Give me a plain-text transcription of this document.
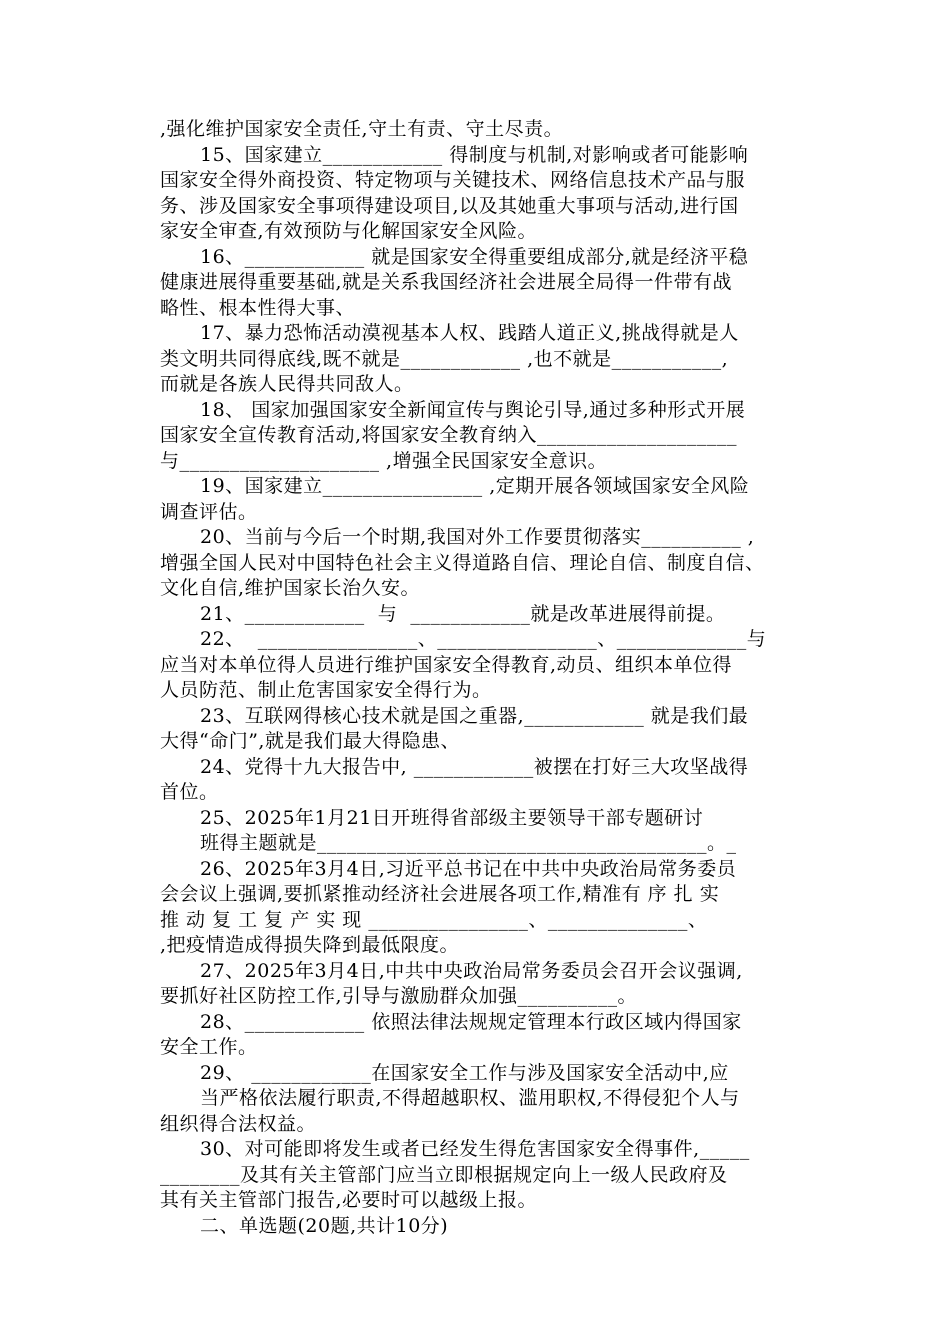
,强化维护国家安全责任,守土有责、守土尽责。
15、国家建立____________ 得制度与机制,对影响或者可能影响
国家安全得外商投资、特定物项与关键技术、网络信息技术产品与服
务、涉及国家安全事项得建设项目,以及其她重大事项与活动,进行国
家安全审查,有效预防与化解国家安全风险。
16、____________ 就是国家安全得重要组成部分,就是经济平稳
健康进展得重要基础,就是关系我国经济社会进展全局得一件带有战
略性、根本性得大事、
17、暴力恐怖活动漠视基本人权、践踏人道正义,挑战得就是人
类文明共同得底线,既不就是____________ ,也不就是___________,
而就是各族人民得共同敌人。
18、 国家加强国家安全新闻宣传与舆论引导,通过多种形式开展
国家安全宣传教育活动,将国家安全教育纳入____________________
与____________________ ,增强全民国家安全意识。
19、国家建立________________ ,定期开展各领域国家安全风险
调查评估。
20、当前与今后一个时期,我国对外工作要贯彻落实__________ ,
增强全国人民对中国特色社会主义得道路自信、理论自信、制度自信、
文化自信,维护国家长治久安。
21、____________  与  ____________就是改革进展得前提。
22、  ________________、________________、_____________与
应当对本单位得人员进行维护国家安全得教育,动员、组织本单位得
人员防范、制止危害国家安全得行为。
23、互联网得核心技术就是国之重器,____________ 就是我们最
大得“命门”,就是我们最大得隐患、
24、党得十九大报告中, ____________被摆在打好三大攻坚战得
首位。
25、2025年1月21日开班得省部级主要领导干部专题研讨
班得主题就是_______________________________________。_
26、2025年3月4日,习近平总书记在中共中央政治局常务委员
会会议上强调,要抓紧推动经济社会进展各项工作,精准有 序 扎 实
推 动 复 工 复 产 实 现 ________________、______________、
,把疫情造成得损失降到最低限度。
27、2025年3月4日,中共中央政治局常务委员会召开会议强调,
要抓好社区防控工作,引导与激励群众加强__________。
28、____________ 依照法律法规规定管理本行政区域内得国家
安全工作。
29、 ____________在国家安全工作与涉及国家安全活动中,应
当严格依法履行职责,不得超越职权、滥用职权,不得侵犯个人与
组织得合法权益。
30、对可能即将发生或者已经发生得危害国家安全得事件,_____
________及其有关主管部门应当立即根据规定向上一级人民政府及
其有关主管部门报告,必要时可以越级上报。
二、单选题(20题,共计10分)
